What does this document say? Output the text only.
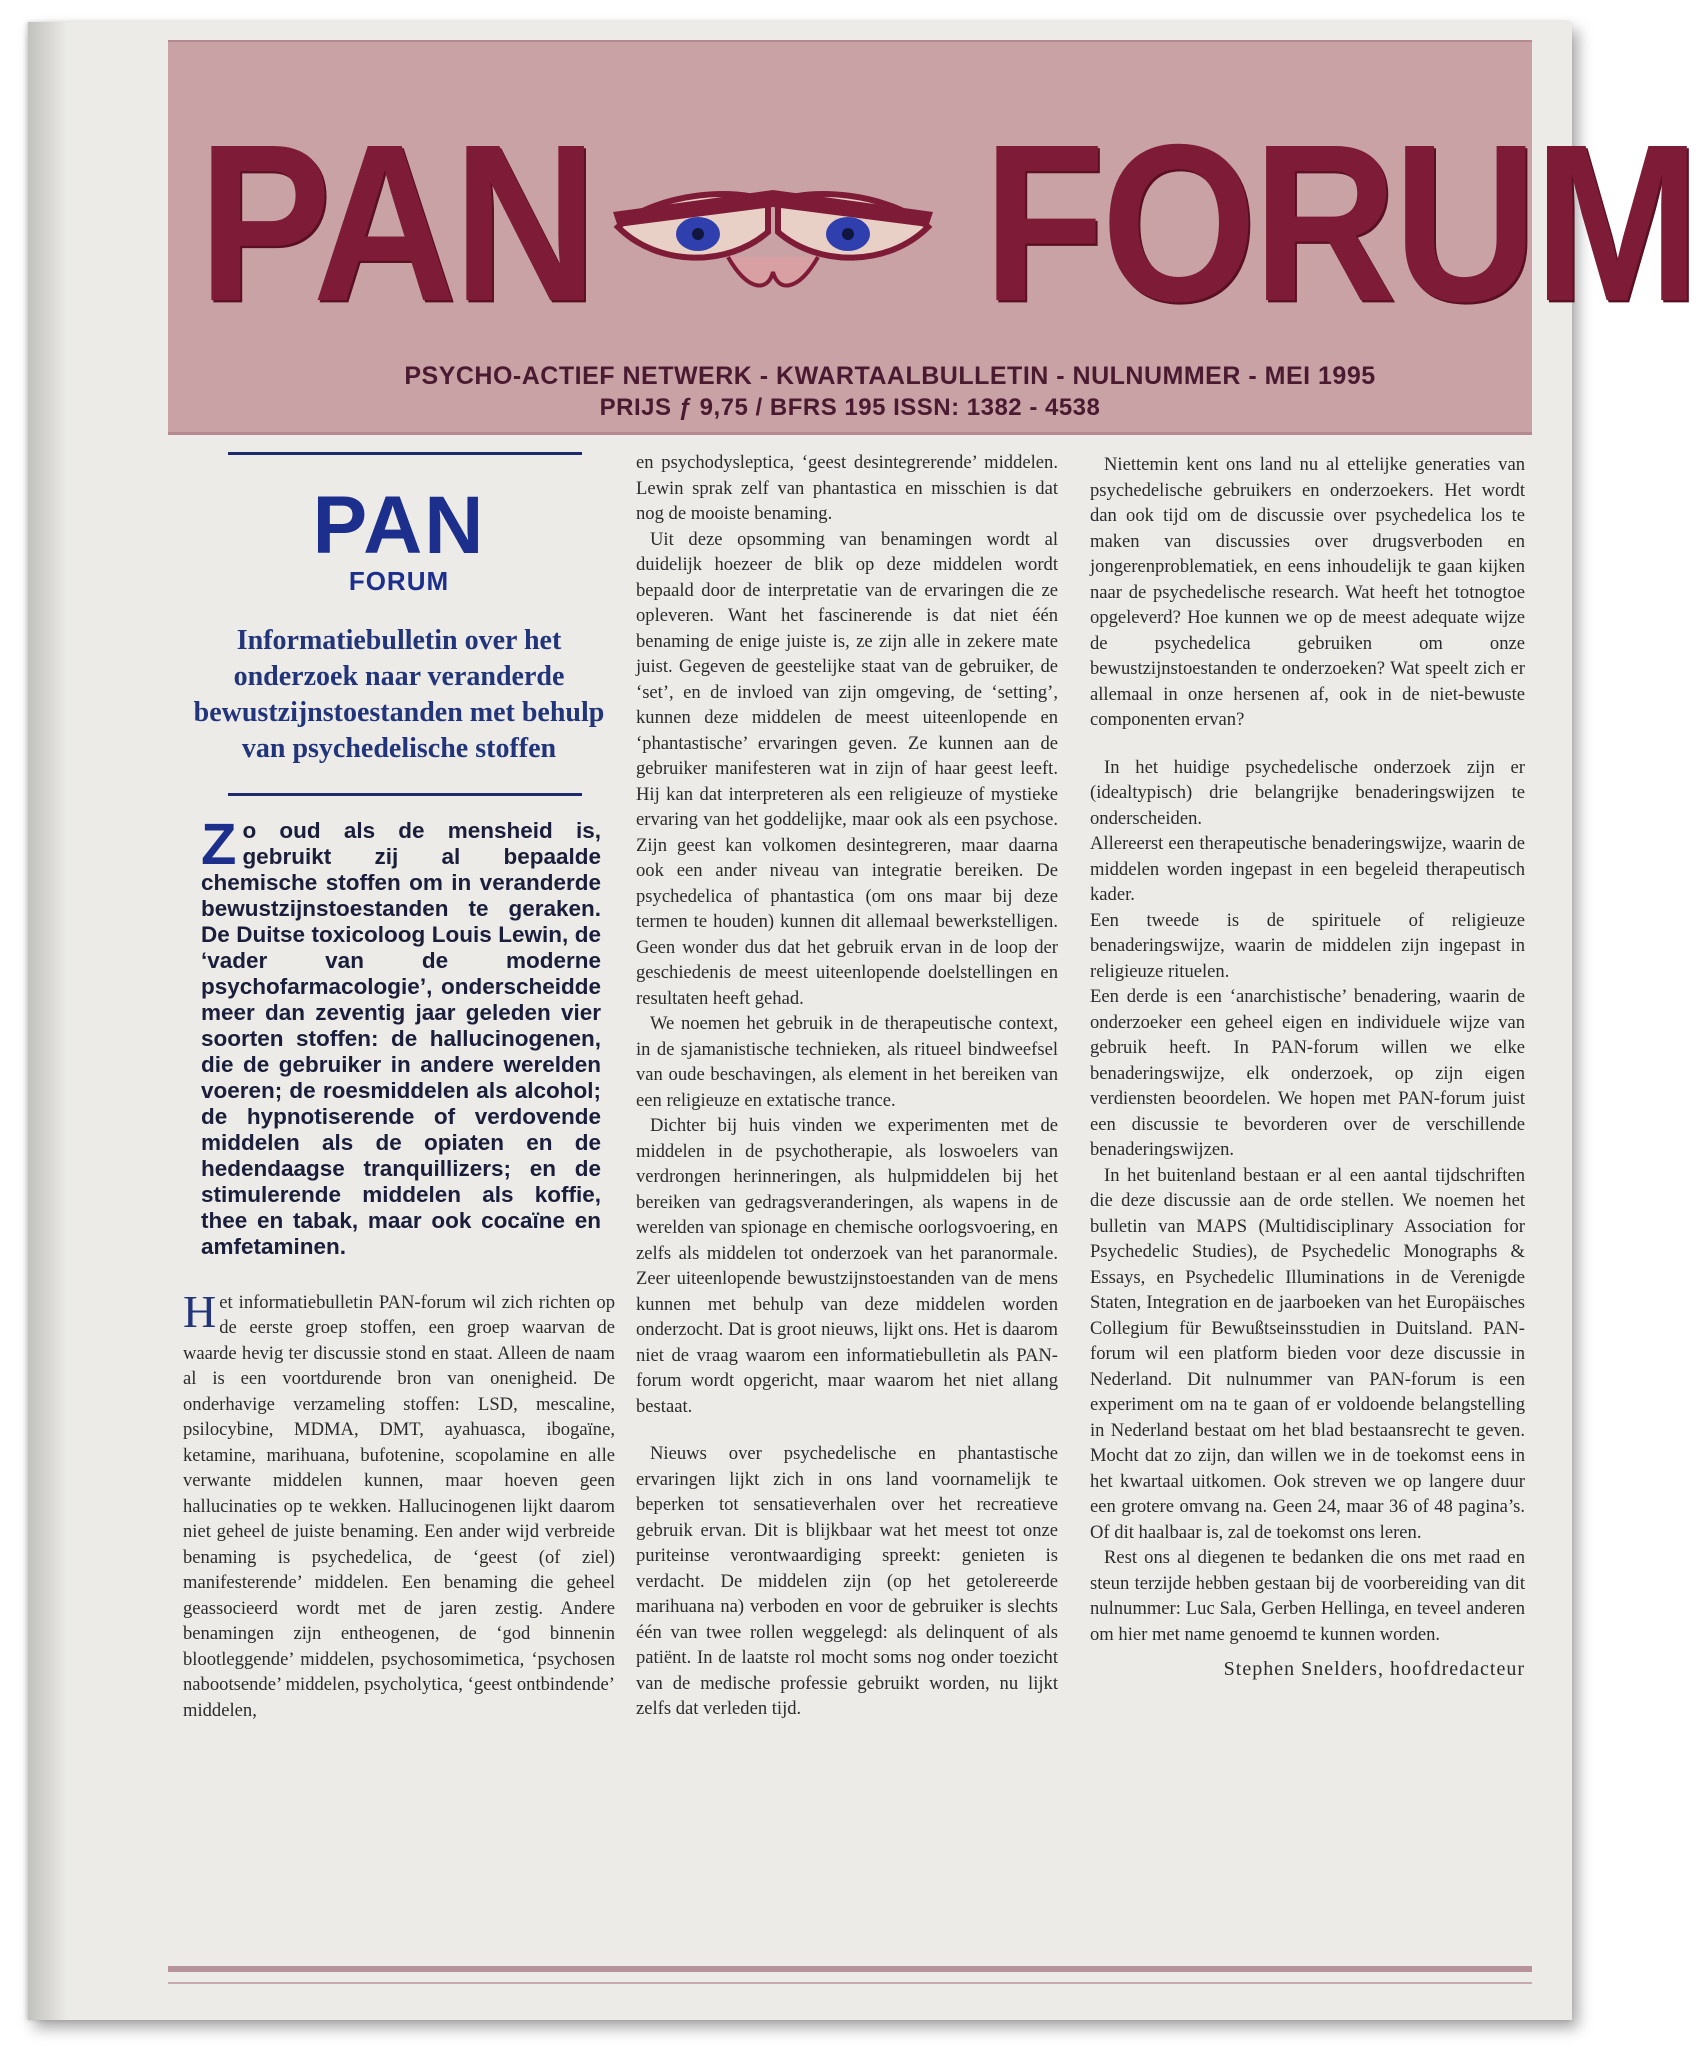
PAN FORUM
PSYCHO-ACTIEF NETWERK - KWARTAALBULLETIN - NULNUMMER - MEI 1995
PRIJS ƒ 9,75 / BFRS 195 ISSN: 1382 - 4538
PAN
FORUM
Informatiebulletin over het onderzoek naar veranderde bewustzijnstoestanden met behulp van psychedelische stoffen
Zo oud als de mensheid is, gebruikt zij al bepaalde chemische stoffen om in veranderde bewustzijnstoestanden te geraken. De Duitse toxicoloog Louis Lewin, de ‘vader van de moderne psychofarmacologie’, onderscheidde meer dan zeventig jaar geleden vier soorten stoffen: de hallucinogenen, die de gebruiker in andere werelden voeren; de roesmiddelen als alcohol; de hypnotiserende of verdovende middelen als de opiaten en de hedendaagse tranquillizers; en de stimulerende middelen als koffie, thee en tabak, maar ook cocaïne en amfetaminen.

Het informatiebulletin PAN-forum wil zich richten op de eerste groep stoffen, een groep waarvan de waarde hevig ter discussie stond en staat. Alleen de naam al is een voortdurende bron van onenigheid. De onderhavige verzameling stoffen: LSD, mescaline, psilocybine, MDMA, DMT, ayahuasca, ibogaïne, ketamine, marihuana, bufotenine, scopolamine en alle verwante middelen kunnen, maar hoeven geen hallucinaties op te wekken. Hallucinogenen lijkt daarom niet geheel de juiste benaming. Een ander wijd verbreide benaming is psychedelica, de ‘geest (of ziel) manifesterende’ middelen. Een benaming die geheel geassocieerd wordt met de jaren zestig. Andere benamingen zijn entheogenen, de ‘god binnenin blootleggende’ middelen, psychosomimetica, ‘psychosen nabootsende’ middelen, psycholytica, ‘geest ontbindende’ middelen,

en psychodysleptica, ‘geest desintegrerende’ middelen. Lewin sprak zelf van phantastica en misschien is dat nog de mooiste benaming.

Uit deze opsomming van benamingen wordt al duidelijk hoezeer de blik op deze middelen wordt bepaald door de interpretatie van de ervaringen die ze opleveren. Want het fascinerende is dat niet één benaming de enige juiste is, ze zijn alle in zekere mate juist. Gegeven de geestelijke staat van de gebruiker, de ‘set’, en de invloed van zijn omgeving, de ‘setting’, kunnen deze middelen de meest uiteenlopende en ‘phantastische’ ervaringen geven. Ze kunnen aan de gebruiker manifesteren wat in zijn of haar geest leeft. Hij kan dat interpreteren als een religieuze of mystieke ervaring van het goddelijke, maar ook als een psychose. Zijn geest kan volkomen desintegreren, maar daarna ook een ander niveau van integratie bereiken. De psychedelica of phantastica (om ons maar bij deze termen te houden) kunnen dit allemaal bewerkstelligen. Geen wonder dus dat het gebruik ervan in de loop der geschiedenis de meest uiteenlopende doelstellingen en resultaten heeft gehad.

We noemen het gebruik in de therapeutische context, in de sjamanistische technieken, als ritueel bindweefsel van oude beschavingen, als element in het bereiken van een religieuze en extatische trance.

Dichter bij huis vinden we experimenten met de middelen in de psychotherapie, als loswoelers van verdrongen herinneringen, als hulpmiddelen bij het bereiken van gedragsveranderingen, als wapens in de werelden van spionage en chemische oorlogsvoering, en zelfs als middelen tot onderzoek van het paranormale. Zeer uiteenlopende bewustzijnstoestanden van de mens kunnen met behulp van deze middelen worden onderzocht. Dat is groot nieuws, lijkt ons. Het is daarom niet de vraag waarom een informatiebulletin als PAN-forum wordt opgericht, maar waarom het niet allang bestaat.

Nieuws over psychedelische en phantastische ervaringen lijkt zich in ons land voornamelijk te beperken tot sensatieverhalen over het recreatieve gebruik ervan. Dit is blijkbaar wat het meest tot onze puriteinse verontwaardiging spreekt: genieten is verdacht. De middelen zijn (op het getolereerde marihuana na) verboden en voor de gebruiker is slechts één van twee rollen weggelegd: als delinquent of als patiënt. In de laatste rol mocht soms nog onder toezicht van de medische professie gebruikt worden, nu lijkt zelfs dat verleden tijd.

Niettemin kent ons land nu al ettelijke generaties van psychedelische gebruikers en onderzoekers. Het wordt dan ook tijd om de discussie over psychedelica los te maken van discussies over drugsverboden en jongerenproblematiek, en eens inhoudelijk te gaan kijken naar de psychedelische research. Wat heeft het totnogtoe opgeleverd? Hoe kunnen we op de meest adequate wijze de psychedelica gebruiken om onze bewustzijnstoestanden te onderzoeken? Wat speelt zich er allemaal in onze hersenen af, ook in de niet-bewuste componenten ervan?

In het huidige psychedelische onderzoek zijn er (idealtypisch) drie belangrijke benaderingswijzen te onderscheiden.

Allereerst een therapeutische benaderingswijze, waarin de middelen worden ingepast in een begeleid therapeutisch kader.

Een tweede is de spirituele of religieuze benaderingswijze, waarin de middelen zijn ingepast in religieuze rituelen.

Een derde is een ‘anarchistische’ benadering, waarin de onderzoeker een geheel eigen en individuele wijze van gebruik heeft. In PAN-forum willen we elke benaderingswijze, elk onderzoek, op zijn eigen verdiensten beoordelen. We hopen met PAN-forum juist een discussie te bevorderen over de verschillende benaderingswijzen.

In het buitenland bestaan er al een aantal tijdschriften die deze discussie aan de orde stellen. We noemen het bulletin van MAPS (Multidisciplinary Association for Psychedelic Studies), de Psychedelic Monographs & Essays, en Psychedelic Illuminations in de Verenigde Staten, Integration en de jaarboeken van het Europäisches Collegium für Bewußtseinsstudien in Duitsland. PAN-forum wil een platform bieden voor deze discussie in Nederland. Dit nulnummer van PAN-forum is een experiment om na te gaan of er voldoende belangstelling in Nederland bestaat om het blad bestaansrecht te geven. Mocht dat zo zijn, dan willen we in de toekomst eens in het kwartaal uitkomen. Ook streven we op langere duur een grotere omvang na. Geen 24, maar 36 of 48 pagina’s. Of dit haalbaar is, zal de toekomst ons leren.

Rest ons al diegenen te bedanken die ons met raad en steun terzijde hebben gestaan bij de voorbereiding van dit nulnummer: Luc Sala, Gerben Hellinga, en teveel anderen om hier met name genoemd te kunnen worden.

Stephen Snelders, hoofdredacteur
